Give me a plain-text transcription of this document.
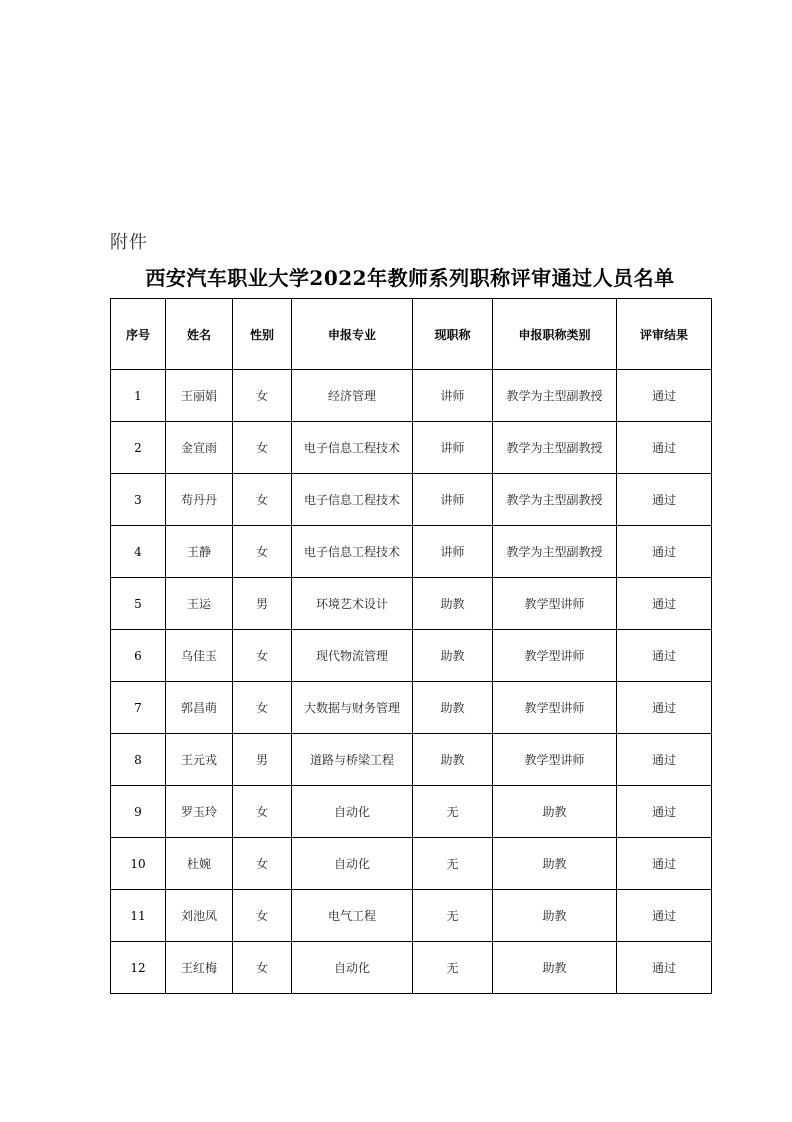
附件
西安汽车职业大学2022年教师系列职称评审通过人员名单
序号	姓名	性别	申报专业	现职称	申报职称类别	评审结果
1	王丽娟	女	经济管理	讲师	教学为主型副教授	通过
2	金宣雨	女	电子信息工程技术	讲师	教学为主型副教授	通过
3	苟丹丹	女	电子信息工程技术	讲师	教学为主型副教授	通过
4	王静	女	电子信息工程技术	讲师	教学为主型副教授	通过
5	王运	男	环境艺术设计	助教	教学型讲师	通过
6	乌佳玉	女	现代物流管理	助教	教学型讲师	通过
7	郭昌萌	女	大数据与财务管理	助教	教学型讲师	通过
8	王元戎	男	道路与桥梁工程	助教	教学型讲师	通过
9	罗玉玲	女	自动化	无	助教	通过
10	杜婉	女	自动化	无	助教	通过
11	刘池凤	女	电气工程	无	助教	通过
12	王红梅	女	自动化	无	助教	通过
